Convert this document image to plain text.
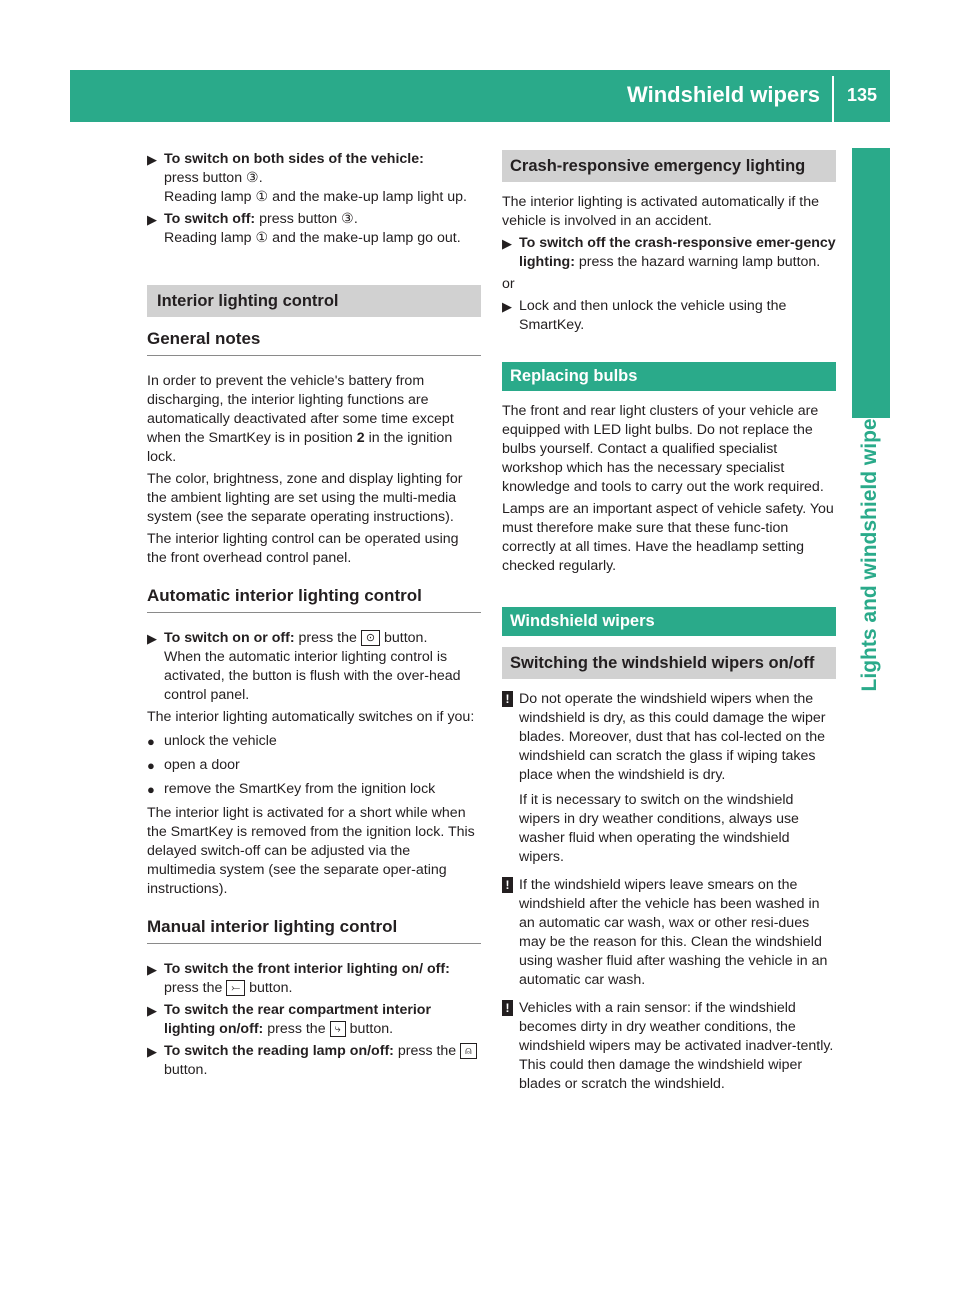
Windshield wipers	135
Lights and windshield wipers
▶ To switch on both sides of the vehicle:
press button ③.
Reading lamp ① and the make-up lamp light up.
▶ To switch off: press button ③.
Reading lamp ① and the make-up lamp go out.
Interior lighting control
General notes

In order to prevent the vehicle's battery from discharging, the interior lighting functions are automatically deactivated after some time except when the SmartKey is in position 2 in the ignition lock.

The color, brightness, zone and display lighting for the ambient lighting are set using the multi-media system (see the separate operating instructions).

The interior lighting control can be operated using the front overhead control panel.

Automatic interior lighting control
▶ To switch on or off: press the ⊙ button.
When the automatic interior lighting control is activated, the button is flush with the over-head control panel.

The interior lighting automatically switches on if you:

● unlock the vehicle
● open a door
● remove the SmartKey from the ignition lock

The interior light is activated for a short while when the SmartKey is removed from the ignition lock. This delayed switch-off can be adjusted via the multimedia system (see the separate oper-ating instructions).

Manual interior lighting control
▶ To switch the front interior lighting on/ off: press the ⤚ button.
▶ To switch the rear compartment interior lighting on/off: press the ⤷ button.
▶ To switch the reading lamp on/off: press the ⍝ button.
Crash-responsive emergency lighting

The interior lighting is activated automatically if the vehicle is involved in an accident.

▶ To switch off the crash-responsive emer-gency lighting: press the hazard warning lamp button.

or

▶ Lock and then unlock the vehicle using the SmartKey.
Replacing bulbs

The front and rear light clusters of your vehicle are equipped with LED light bulbs. Do not replace the bulbs yourself. Contact a qualified specialist workshop which has the necessary specialist knowledge and tools to carry out the work required.

Lamps are an important aspect of vehicle safety. You must therefore make sure that these func-tion correctly at all times. Have the headlamp setting checked regularly.

Windshield wipers
Switching the windshield wipers on/off
! Do not operate the windshield wipers when the windshield is dry, as this could damage the wiper blades. Moreover, dust that has col-lected on the windshield can scratch the glass if wiping takes place when the windshield is dry.

If it is necessary to switch on the windshield wipers in dry weather conditions, always use washer fluid when operating the windshield wipers.

! If the windshield wipers leave smears on the windshield after the vehicle has been washed in an automatic car wash, wax or other resi-dues may be the reason for this. Clean the windshield using washer fluid after washing the vehicle in an automatic car wash.

! Vehicles with a rain sensor: if the windshield becomes dirty in dry weather conditions, the windshield wipers may be activated inadver-tently. This could then damage the windshield wiper blades or scratch the windshield.
